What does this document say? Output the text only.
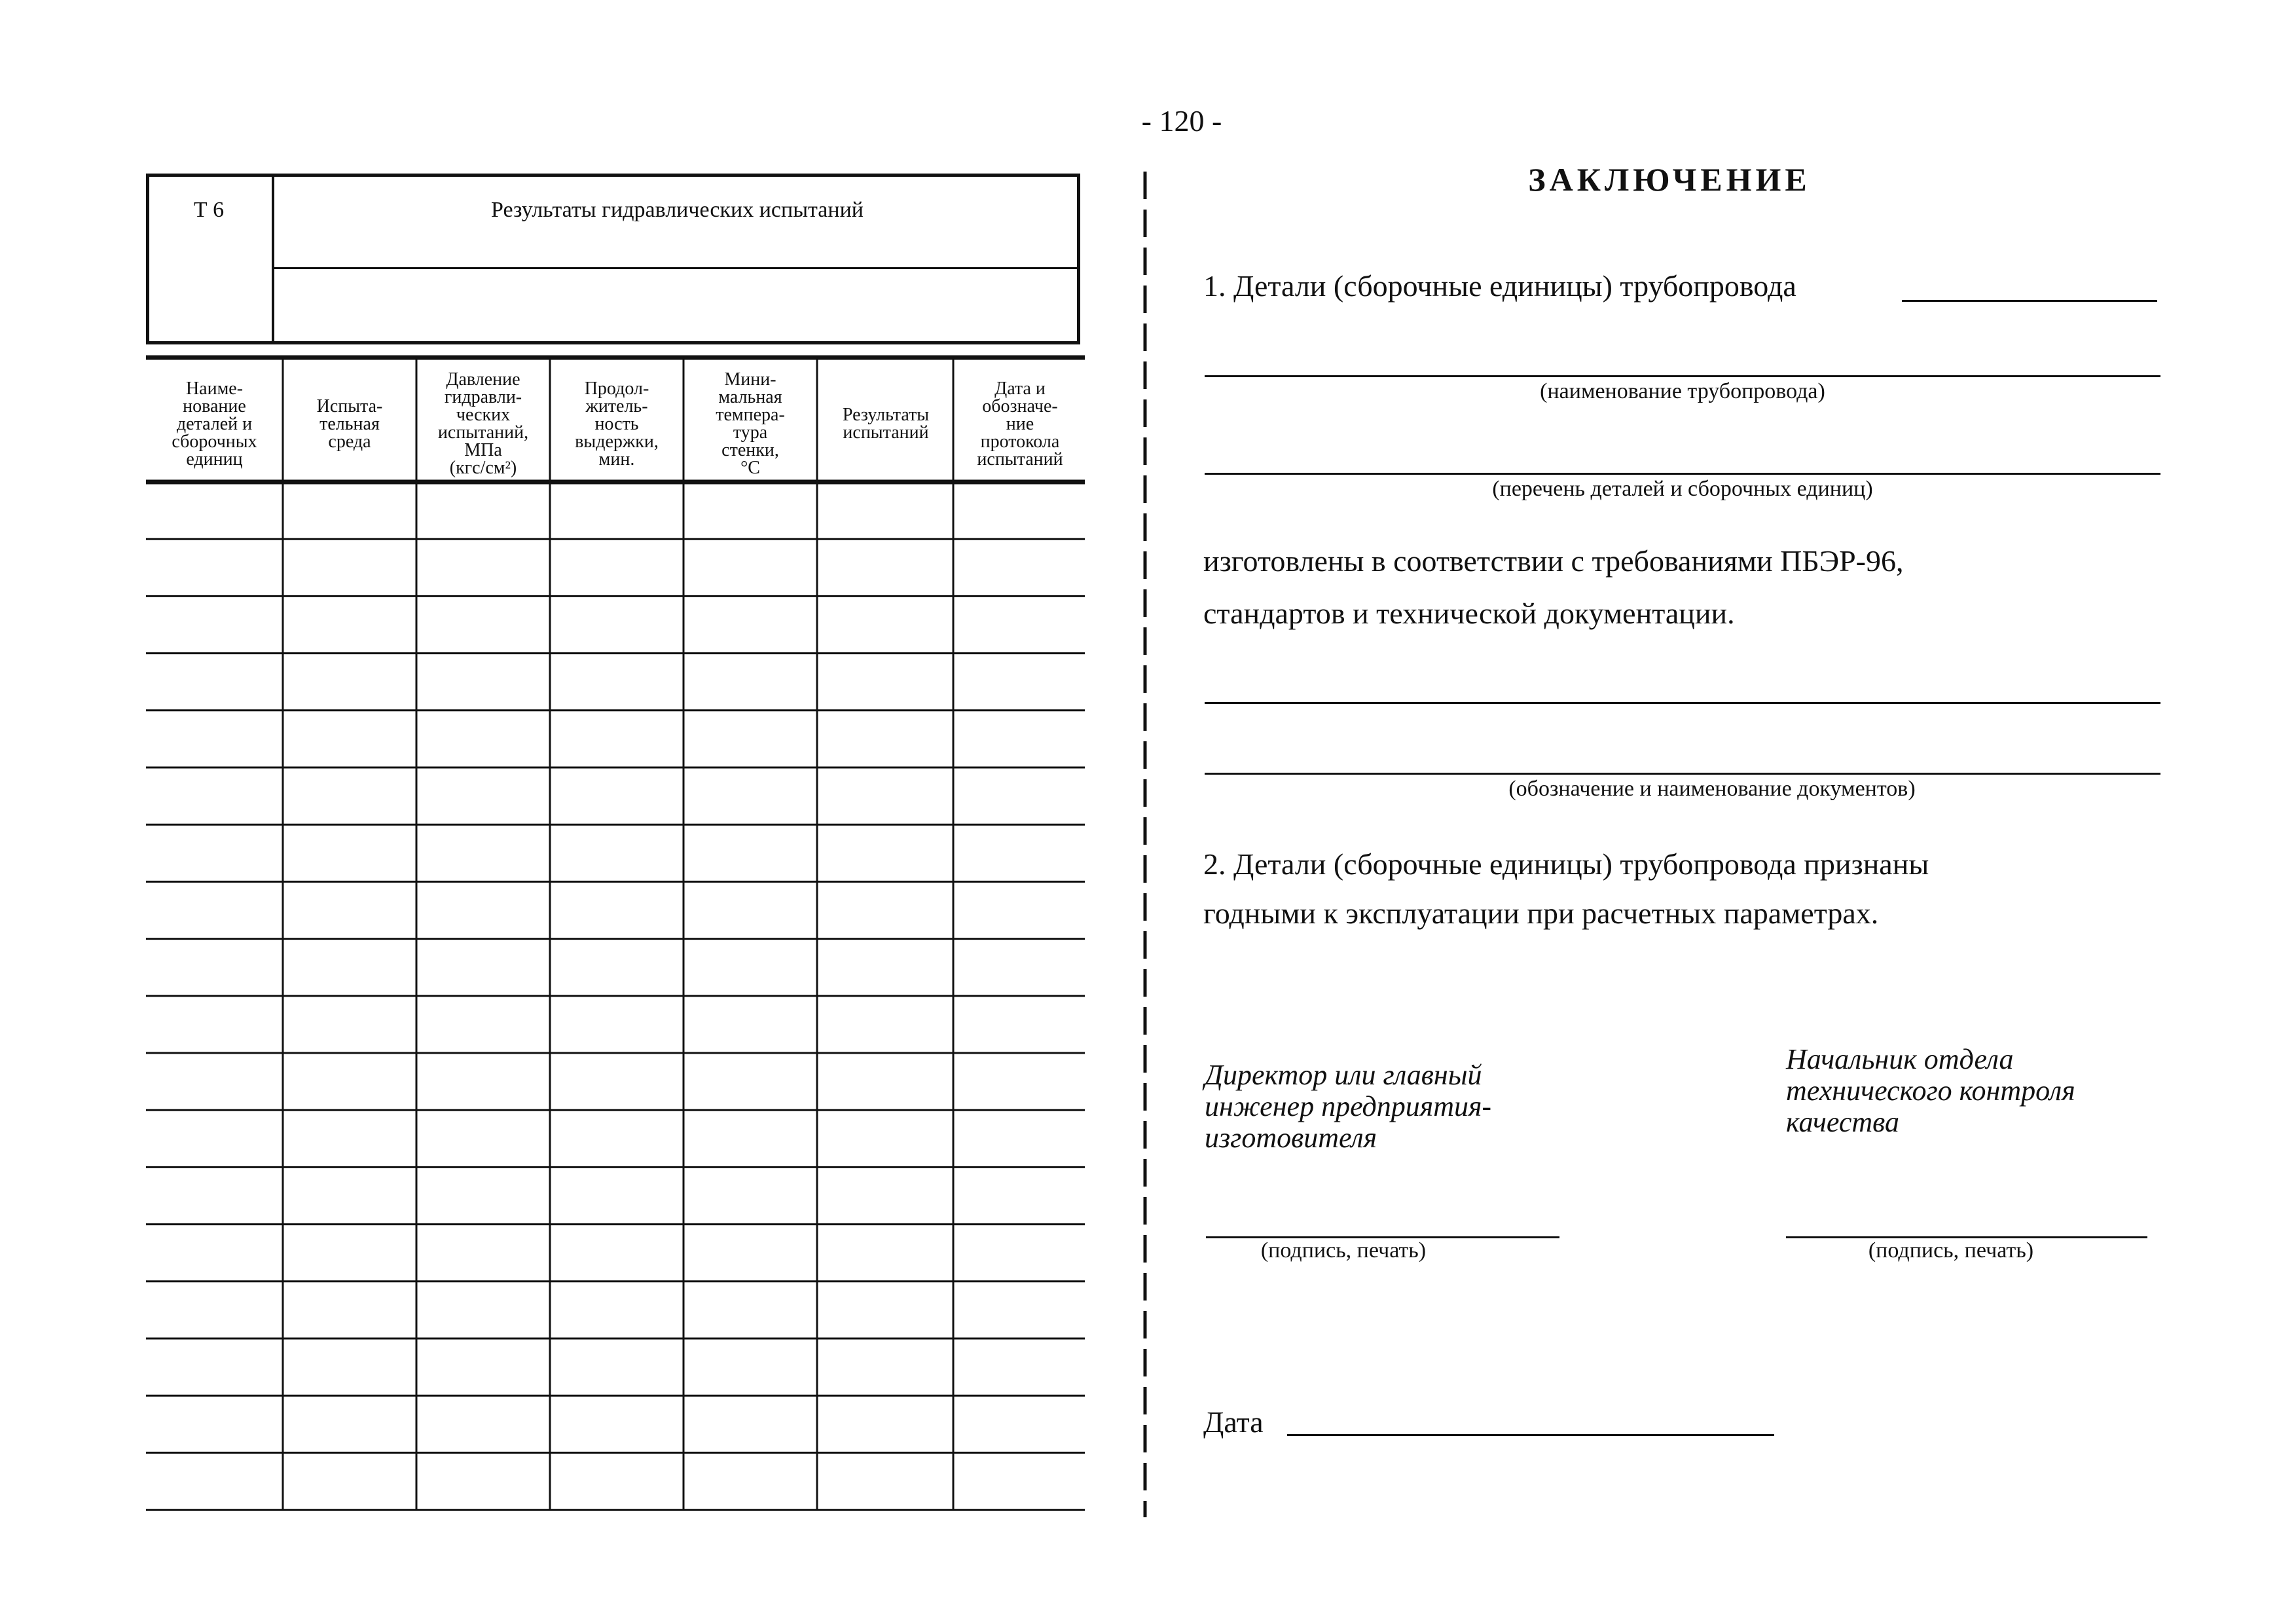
- 120 -
Т 6	Результаты гидравлических испытаний
Наиме-
нование
деталей и
сборочных
единиц
Испыта-
тельная
среда
Давление
гидравли-
ческих
испытаний,
МПа
(кгс/см²)
Продол-
житель-
ность
выдержки,
мин.
Мини-
мальная
темпера-
тура
стенки,
°С
Результаты
испытаний
Дата и
обозначе-
ние
протокола
испытаний
ЗАКЛЮЧЕНИЕ
1. Детали (сборочные единицы) трубопровода
(наименование трубопровода)
(перечень деталей и сборочных единиц)
изготовлены в соответствии с требованиями ПБЭР-96,
стандартов и технической документации.
(обозначение и наименование документов)
2. Детали (сборочные единицы) трубопровода признаны
годными к эксплуатации при расчетных параметрах.
Директор или главный
инженер предприятия-
изготовителя
Начальник отдела
технического контроля
качества
(подпись, печать)	(подпись, печать)
Дата
